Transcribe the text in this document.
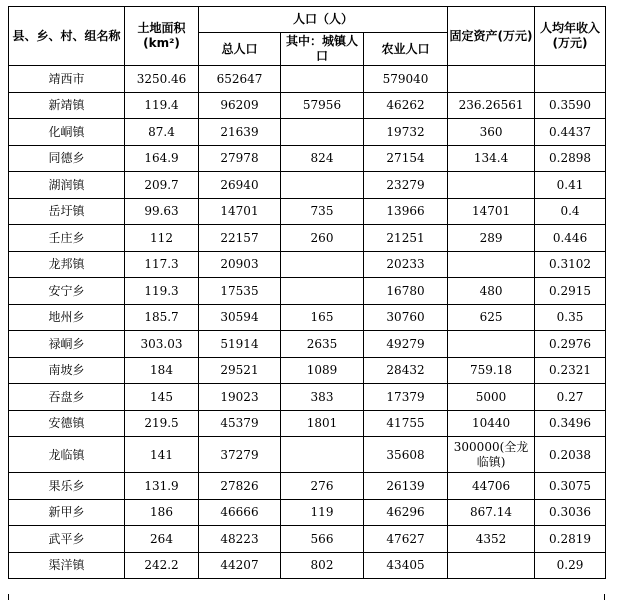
县、乡、村、组名称	土地面积(km²)	人口（人）			固定资产(万元)	人均年收入(万元)
		总人口	其中：城镇人口	农业人口		
靖西市	3250.46	652647		579040		
新靖镇	119.4	96209	57956	46262	236.26561	0.3590
化峒镇	87.4	21639		19732	360	0.4437
同德乡	164.9	27978	824	27154	134.4	0.2898
湖润镇	209.7	26940		23279		0.41
岳圩镇	99.63	14701	735	13966	14701	0.4
壬庄乡	112	22157	260	21251	289	0.446
龙邦镇	117.3	20903		20233		0.3102
安宁乡	119.3	17535		16780	480	0.2915
地州乡	185.7	30594	165	30760	625	0.35
禄峒乡	303.03	51914	2635	49279		0.2976
南坡乡	184	29521	1089	28432	759.18	0.2321
吞盘乡	145	19023	383	17379	5000	0.27
安德镇	219.5	45379	1801	41755	10440	0.3496
龙临镇	141	37279		35608	300000(全龙临镇)	0.2038
果乐乡	131.9	27826	276	26139	44706	0.3075
新甲乡	186	46666	119	46296	867.14	0.3036
武平乡	264	48223	566	47627	4352	0.2819
渠洋镇	242.2	44207	802	43405		0.29
